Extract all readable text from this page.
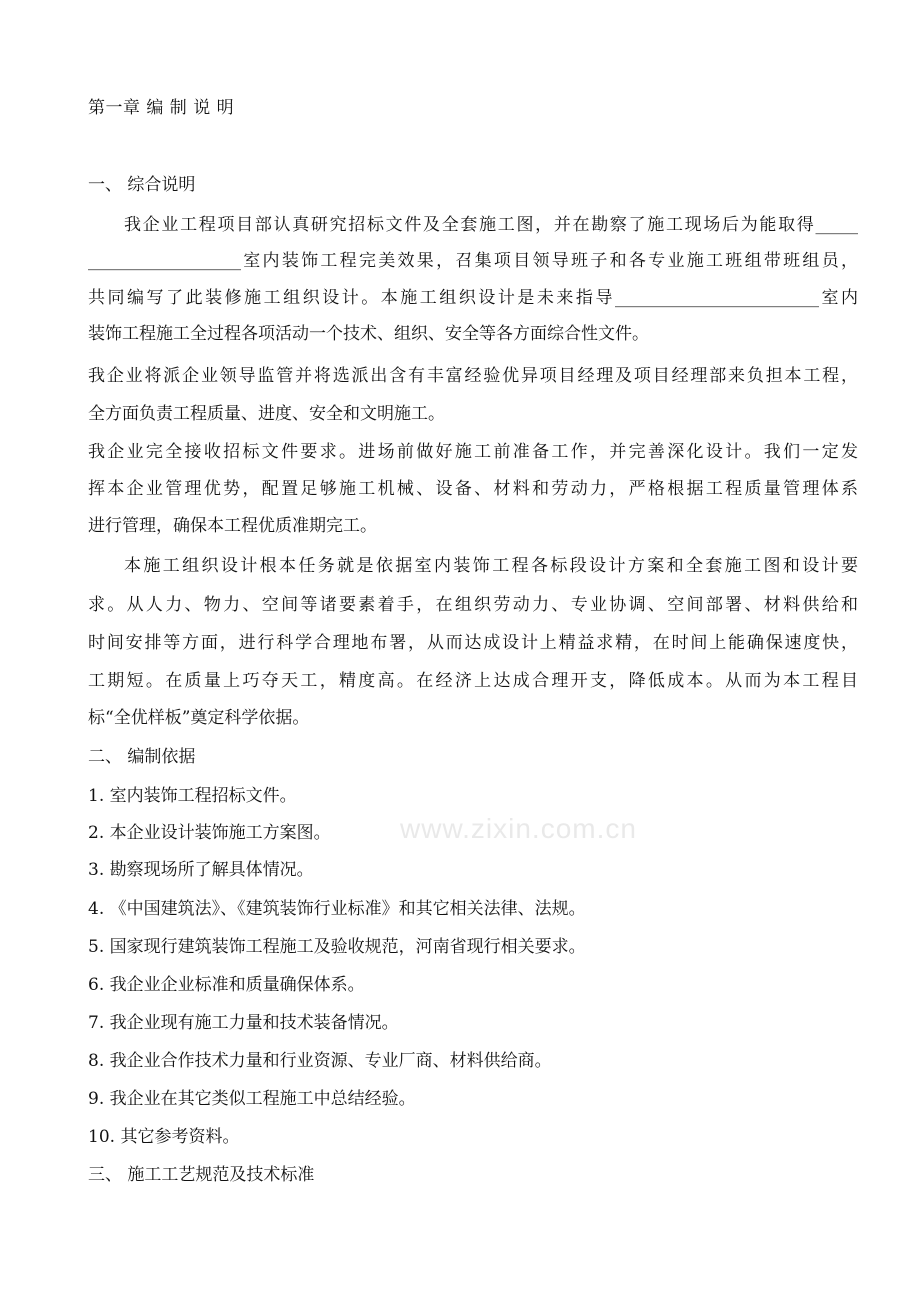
第一章 编 制 说 明
一、 综合说明
我企业工程项目部认真研究招标文件及全套施工图，并在勘察了施工现场后为能取得_____
__________________室内装饰工程完美效果，召集项目领导班子和各专业施工班组带班组员，
共同编写了此装修施工组织设计。本施工组织设计是未来指导________________________室内
装饰工程施工全过程各项活动一个技术、组织、安全等各方面综合性文件。
我企业将派企业领导监管并将选派出含有丰富经验优异项目经理及项目经理部来负担本工程，
全方面负责工程质量、进度、安全和文明施工。
我企业完全接收招标文件要求。进场前做好施工前准备工作，并完善深化设计。我们一定发
挥本企业管理优势，配置足够施工机械、设备、材料和劳动力，严格根据工程质量管理体系
进行管理，确保本工程优质准期完工。
本施工组织设计根本任务就是依据室内装饰工程各标段设计方案和全套施工图和设计要
求。从人力、物力、空间等诸要素着手，在组织劳动力、专业协调、空间部署、材料供给和
时间安排等方面，进行科学合理地布署，从而达成设计上精益求精，在时间上能确保速度快，
工期短。在质量上巧夺天工，精度高。在经济上达成合理开支，降低成本。从而为本工程目
标“全优样板”奠定科学依据。
二、 编制依据
1. 室内装饰工程招标文件。
2. 本企业设计装饰施工方案图。
3. 勘察现场所了解具体情况。
4. 《中国建筑法》、《建筑装饰行业标准》和其它相关法律、法规。
5. 国家现行建筑装饰工程施工及验收规范，河南省现行相关要求。
6. 我企业企业标准和质量确保体系。
7. 我企业现有施工力量和技术装备情况。
8. 我企业合作技术力量和行业资源、专业厂商、材料供给商。
9. 我企业在其它类似工程施工中总结经验。
10. 其它参考资料。
三、 施工工艺规范及技术标准
www.zixin.com.cn
